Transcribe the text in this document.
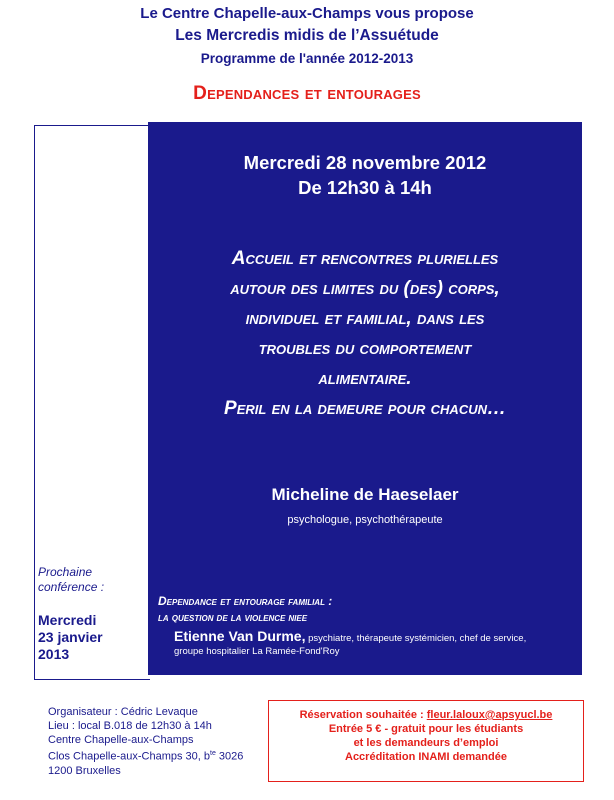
Le Centre Chapelle-aux-Champs vous propose
Les Mercredis midis de l’Assuétude
Programme de l'année 2012-2013
Dependances et entourages
Mercredi 28 novembre 2012
De 12h30 à 14h
Accueil et rencontres plurielles
autour des limites du (des) corps,
individuel et familial, dans les
troubles du comportement
alimentaire.
Peril en la demeure pour chacun…
Micheline de Haeselaer
psychologue, psychothérapeute
Dependance et entourage familial :
la question de la violence niee
Etienne Van Durme, psychiatre, thérapeute systémicien, chef de service,
groupe hospitalier La Ramée-Fond'Roy
Prochaine
conférence :
Mercredi
23 janvier
2013
Organisateur : Cédric Levaque
Lieu : local B.018 de 12h30 à 14h
Centre Chapelle-aux-Champs
Clos Chapelle-aux-Champs 30, $b^{te}$ 3026
1200 Bruxelles
Réservation souhaitée : fleur.laloux@apsyucl.be
Entrée 5 € - gratuit pour les étudiants
et les demandeurs d’emploi
Accréditation INAMI demandée
